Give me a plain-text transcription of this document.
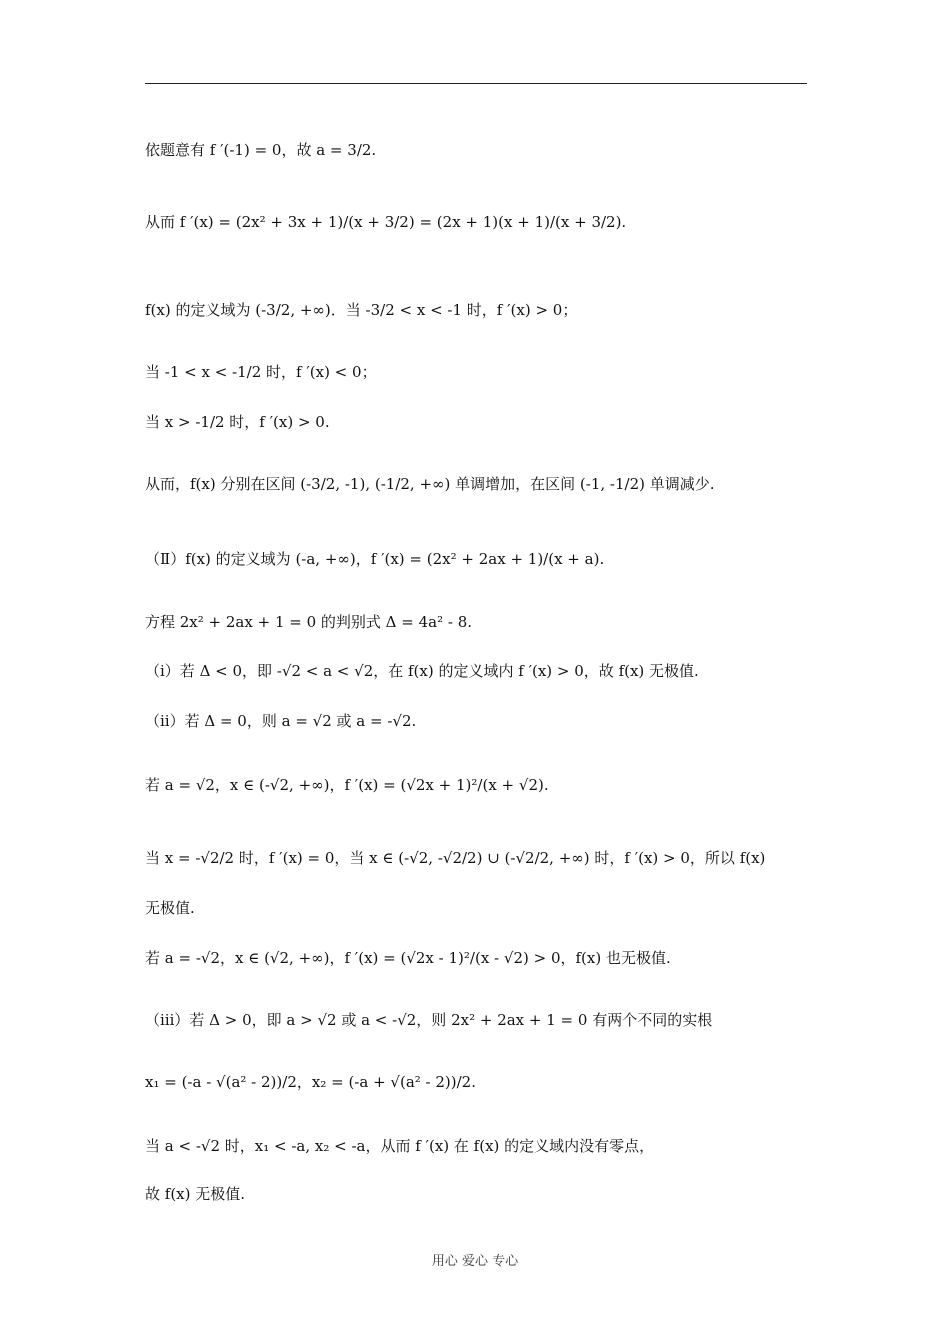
依题意有 f ′(-1) = 0，故 a = 3/2.
从而 f ′(x) = (2x² + 3x + 1)/(x + 3/2) = (2x + 1)(x + 1)/(x + 3/2).
f(x) 的定义域为 (-3/2, +∞)．当 -3/2 < x < -1 时，f ′(x) > 0；
当 -1 < x < -1/2 时，f ′(x) < 0；
当 x > -1/2 时，f ′(x) > 0.
从而，f(x) 分别在区间 (-3/2, -1), (-1/2, +∞) 单调增加，在区间 (-1, -1/2) 单调减少.
（Ⅱ）f(x) 的定义域为 (-a, +∞)，f ′(x) = (2x² + 2ax + 1)/(x + a).
方程 2x² + 2ax + 1 = 0 的判别式 Δ = 4a² - 8.
（ⅰ）若 Δ < 0，即 -√2 < a < √2，在 f(x) 的定义域内 f ′(x) > 0，故 f(x) 无极值.
（ⅱ）若 Δ = 0，则 a = √2 或 a = -√2.
若 a = √2，x ∈ (-√2, +∞)，f ′(x) = (√2x + 1)²/(x + √2).
当 x = -√2/2 时，f ′(x) = 0，当 x ∈ (-√2, -√2/2) ∪ (-√2/2, +∞) 时，f ′(x) > 0，所以 f(x)
无极值.
若 a = -√2，x ∈ (√2, +∞)，f ′(x) = (√2x - 1)²/(x - √2) > 0，f(x) 也无极值.
（ⅲ）若 Δ > 0，即 a > √2 或 a < -√2，则 2x² + 2ax + 1 = 0 有两个不同的实根
x₁ = (-a - √(a² - 2))/2，x₂ = (-a + √(a² - 2))/2.
当 a < -√2 时，x₁ < -a, x₂ < -a，从而 f ′(x) 在 f(x) 的定义域内没有零点，
故 f(x) 无极值.
用心 爱心 专心
